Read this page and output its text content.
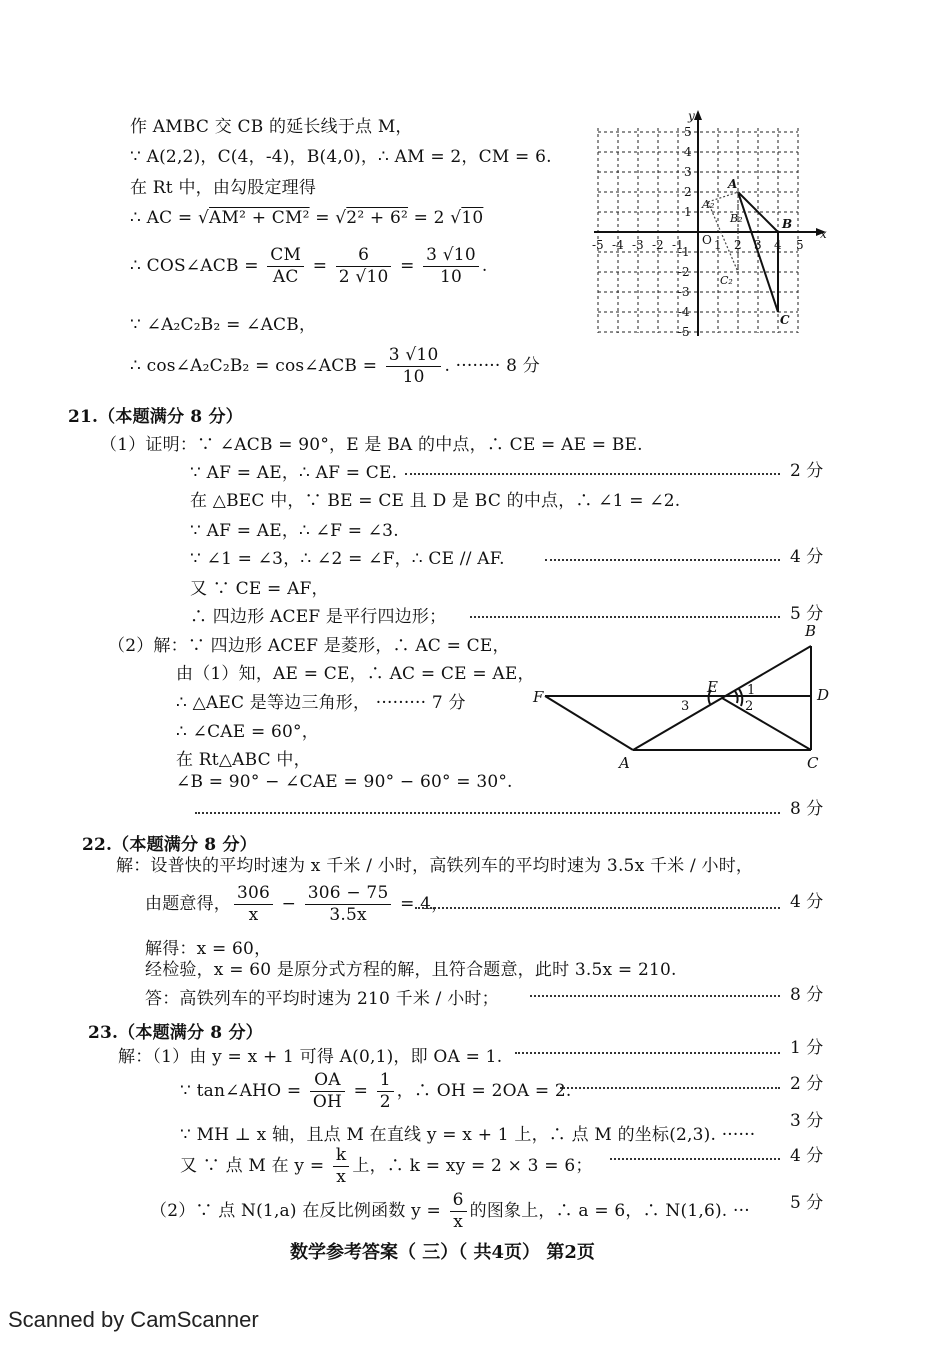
作 AMBC 交 CB 的延长线于点 M，
∵ A(2,2)，C(4，-4)，B(4,0)，∴ AM = 2，CM = 6.
在 Rt 中，由勾股定理得
∴ AC = √AM² + CM² = √2² + 6² = 2 √10
∴ COS∠ACB = $\frac{CM}{AC} = \frac{6}{2 √10} = \frac{3 √10}{10}$ .
∵ ∠A₂C₂B₂ = ∠ACB，
∴ cos∠A₂C₂B₂ = cos∠ACB = $\frac{3 √10}{10}$ . ········ 8 分
y
x
O
-5 -4 -3 -2 -1	1 2 3 4 5
5
4
3
2
1
-1
-2
-3
-4
-5
A
B
C
A₂
B₂
C₂
21.（本题满分 8 分）
（1）证明：∵ ∠ACB = 90°，E 是 BA 的中点，∴ CE = AE = BE.
∵ AF = AE，∴ AF = CE.	2 分
在 △BEC 中，∵ BE = CE 且 D 是 BC 的中点，∴ ∠1 = ∠2.
∵ AF = AE，∴ ∠F = ∠3.
∵ ∠1 = ∠3，∴ ∠2 = ∠F，∴ CE // AF.	4 分
又 ∵ CE = AF，
∴ 四边形 ACEF 是平行四边形；	5 分
（2）解：∵ 四边形 ACEF 是菱形，∴ AC = CE，
由（1）知，AE = CE，∴ AC = CE = AE，
∴ △AEC 是等边三角形， ········· 7 分
∴ ∠CAE = 60°，
在 Rt△ABC 中，
∠B = 90° − ∠CAE = 90° − 60° = 30°.
8 分
B
D
C
A
E
F	1
2
3
22.（本题满分 8 分）
解：设普快的平均时速为 x 千米 / 小时，高铁列车的平均时速为 3.5x 千米 / 小时，
由题意得， $\frac{306}{x} - \frac{306 - 75}{3.5x} = 4$，	4 分
解得：x = 60，
经检验，x = 60 是原分式方程的解，且符合题意，此时 3.5x = 210.
答：高铁列车的平均时速为 210 千米 / 小时；	8 分
23.（本题满分 8 分）
解：（1）由 y = x + 1 可得 A(0,1)，即 OA = 1.	1 分
∵ tan∠AHO = $\frac{OA}{OH} = \frac{1}{2}$ ，∴ OH = 2OA = 2.	2 分
∵ MH ⊥ x 轴，且点 M 在直线 y = x + 1 上，∴ 点 M 的坐标(2,3). ······
3 分
又 ∵ 点 M 在 $y = \frac{k}{x}$ 上，∴ k = xy = 2 × 3 = 6；	4 分
（2）∵ 点 N(1,a) 在反比例函数 $y = \frac{6}{x}$ 的图象上，∴ a = 6，∴ N(1,6). ··· 5 分
数学参考答案（ 三）（ 共4页） 第2页
Scanned by CamScanner
